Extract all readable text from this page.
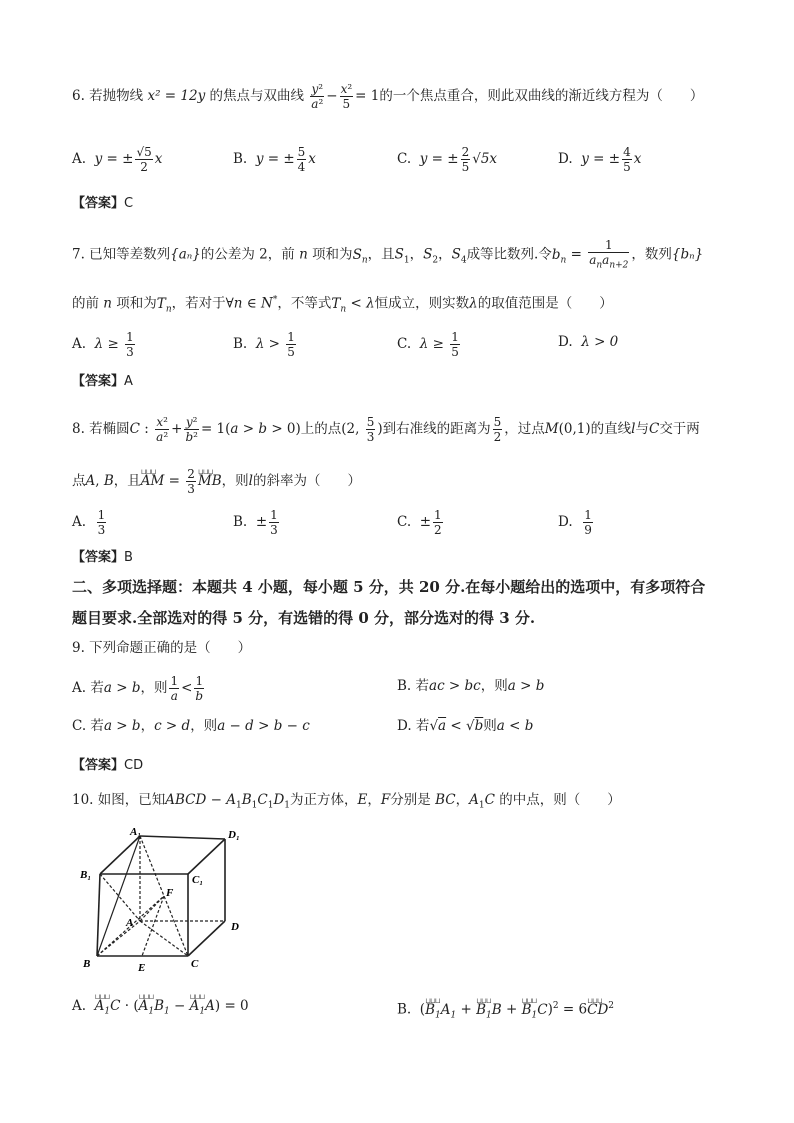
6. 若抛物线 x² = 12y 的焦点与双曲线 $\frac{\text{y²}}{\text{a²}} - \frac{\text{x²}}{5} = 1$的一个焦点重合，则此双曲线的渐近线方程为（　　）
A. y = ± $\frac{√5}{2}$ x	B. y = ± $\frac{5}{4}$ x	C. y = ± $\frac{2}{5} √5x$	D. y = ± $\frac{4}{5}$ x
【答案】C
7. 已知等差数列{aₙ}的公差为 2，前 n 项和为$S_n$，且$S_1$，$S_2$，$S_4$成等比数列.令$b_n = \frac{1}{a_na_{n+2}}$ ，数列{bₙ}
的前 n 项和为$T_n$，若对于∀n ∈ N*，不等式$T_n < \lambda$恒成立，则实数λ的取值范围是（　　）
A. $\lambda \ge \frac{1}{3}$	B. $\lambda > \frac{1}{5}$	C. $\lambda \ge \frac{1}{5}$	D. λ > 0
【答案】A
8. 若椭圆C : $\frac{\text{x²}}{\text{a²}} + \frac{\text{y²}}{\text{b²}} = 1(a > b > 0)$上的点(2, $\frac{5}{3}$ )到右准线的距离为 $\frac{5}{2}$ ，过点M(0,1)的直线l与C交于两
点A, B，且⊔⊔⊔ AM = $\frac{2}{3}$ ⊔⊔⊔ MB，则l的斜率为（　　）
A. $\frac{1}{3}$	B. ± $\frac{1}{3}$	C. ± $\frac{1}{2}$	D. $\frac{1}{9}$
【答案】B
二、多项选择题：本题共 4 小题，每小题 5 分，共 20 分.在每小题给出的选项中，有多项符合
题目要求.全部选对的得 5 分，有选错的得 0 分，部分选对的得 3 分.
9. 下列命题正确的是（　　）
A. 若a > b，则 $\frac{1}{a} < \frac{1}{b}$	B. 若ac > bc，则a > b
C. 若a > b，c > d，则a − d > b − c	D. 若√a < √b则a < b
【答案】CD
10. 如图，已知ABCD − $A_1B_1C_1D_1$为正方体，E，F分别是 BC，$A_1C$ 的中点，则（　　）
A₁	D₁
B₁	C₁
F
A	D
B	E	C
A. ⊔⊔⊔ $A_1C$ · (⊔⊔⊔ $A_1B_1$ − ⊔⊔⊔ $A_1A) = 0$	B.  (⊔⊔⊔ $B_1A_1$ + ⊔⊔⊔ $B_1B$ + ⊔⊔⊔ $B_1C)^2$ = 6⊔⊔⊔ $CD^2$
